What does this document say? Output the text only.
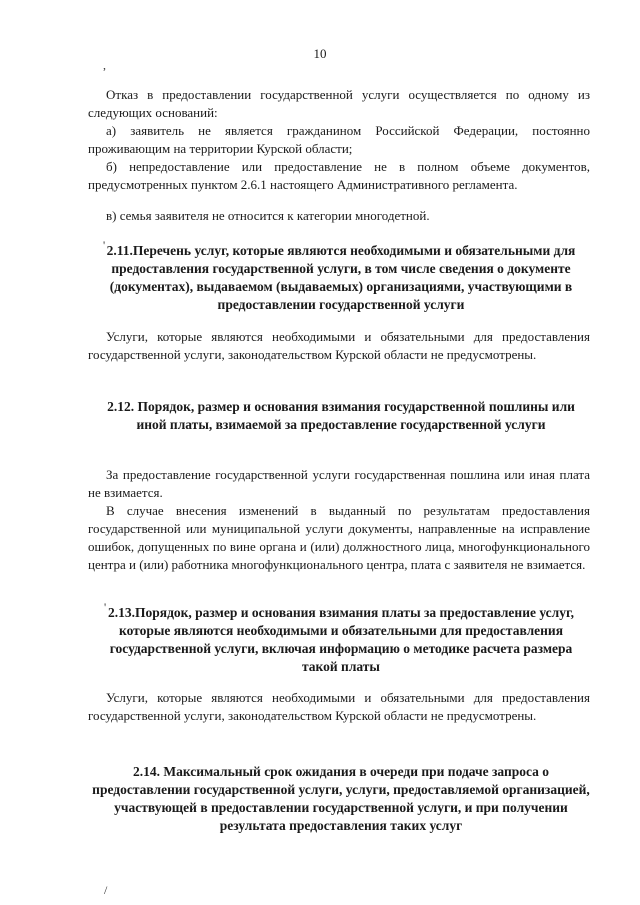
10
,
Отказ в предоставлении государственной услуги осуществляется по одному из следующих оснований:
а) заявитель не является гражданином Российской Федерации, постоянно проживающим на территории Курской области;
б) непредоставление или предоставление не в полном объеме документов, предусмотренных пунктом 2.6.1 настоящего Административного регламента.
в) семья заявителя не относится к категории многодетной.
' 2.11.Перечень услуг, которые являются необходимыми и обязательными для предоставления государственной услуги, в том числе сведения о документе (документах), выдаваемом (выдаваемых) организациями, участвующими в предоставлении государственной услуги
Услуги, которые являются необходимыми и обязательными для предоставления государственной услуги, законодательством Курской области не предусмотрены.
2.12. Порядок, размер и основания взимания государственной пошлины или иной платы, взимаемой за предоставление государственной услуги
За предоставление государственной услуги государственная пошлина или иная плата не взимается.
В случае внесения изменений в выданный по результатам предоставления государственной или муниципальной услуги документы, направленные на исправление ошибок, допущенных по вине органа и (или) должностного лица, многофункционального центра и (или) работника многофункционального центра, плата с заявителя не взимается.
' 2.13.Порядок, размер и основания взимания платы за предоставление услуг, которые являются необходимыми и обязательными для предоставления государственной услуги, включая информацию о методике расчета размера такой платы
Услуги, которые являются необходимыми и обязательными для предоставления государственной услуги, законодательством Курской области не предусмотрены.
2.14. Максимальный срок ожидания в очереди при подаче запроса о предоставлении государственной услуги, услуги, предоставляемой организацией, участвующей в предоставлении государственной услуги, и при получении результата предоставления таких услуг
/
